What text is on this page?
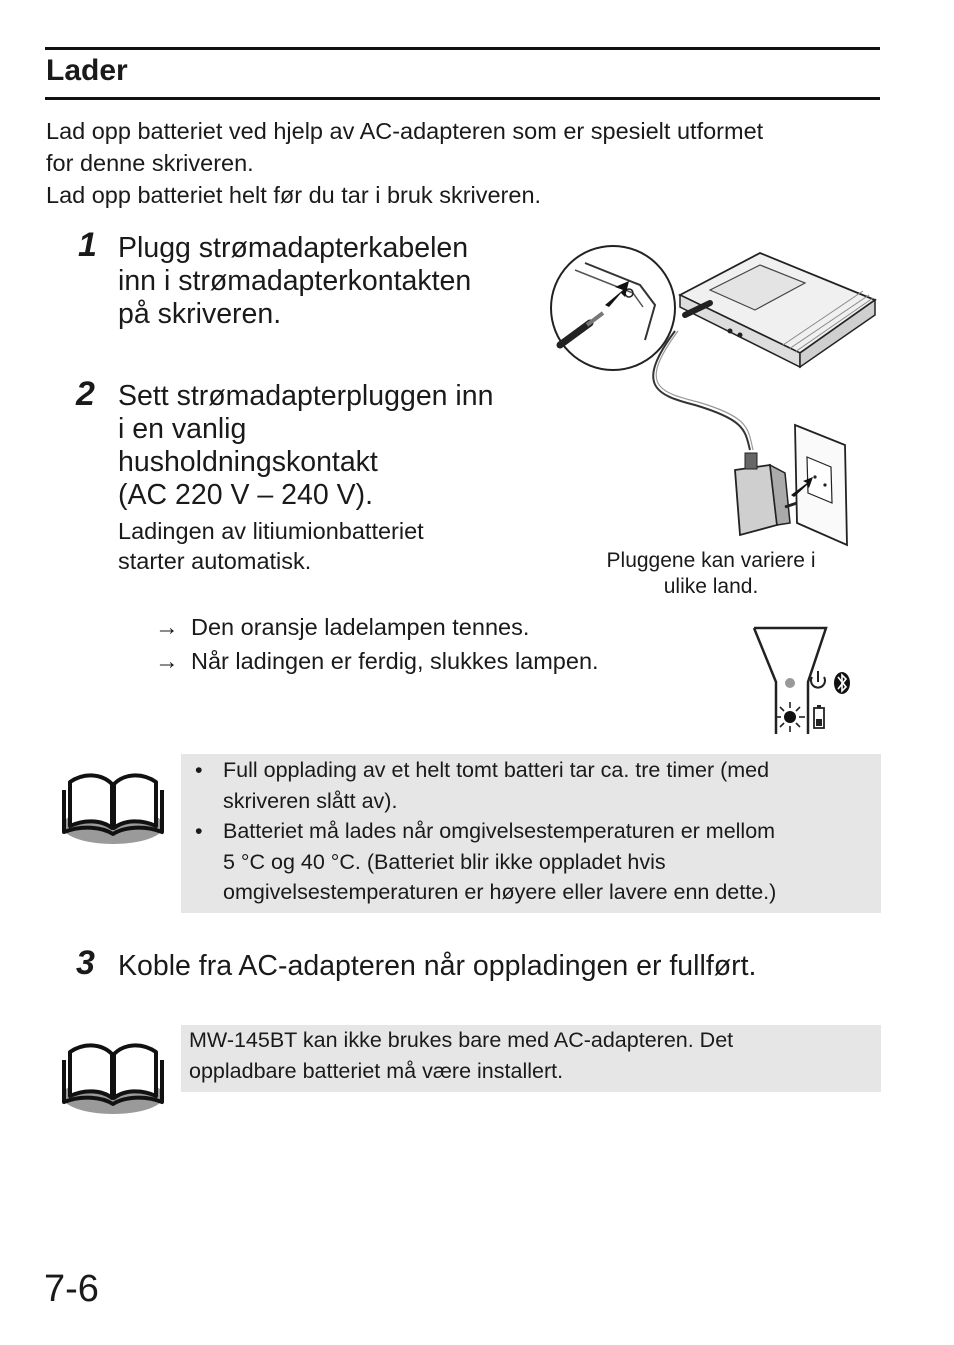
Lader

Lad opp batteriet ved hjelp av AC-adapteren som er spesielt utformet

for denne skriveren.

Lad opp batteriet helt før du tar i bruk skriveren.

1 Plugg strømadapterkabelen
inn i strømadapterkontakten
på skriveren.
2 Sett strømadapterpluggen inn
i en vanlig
husholdningskontakt
(AC 220 V – 240 V).
Ladingen av litiumionbatteriet
starter automatisk.	Pluggene kan variere i
ulike land.
→ Den oransje ladelampen tennes.
→ Når ladingen er ferdig, slukkes lampen.
• Full opplading av et helt tomt batteri tar ca. tre timer (med
skriveren slått av).
• Batteriet må lades når omgivelsestemperaturen er mellom
5 °C og 40 °C. (Batteriet blir ikke oppladet hvis
omgivelsestemperaturen er høyere eller lavere enn dette.)
3 Koble fra AC-adapteren når oppladingen er fullført.
MW-145BT kan ikke brukes bare med AC-adapteren. Det
oppladbare batteriet må være installert.
7-6
